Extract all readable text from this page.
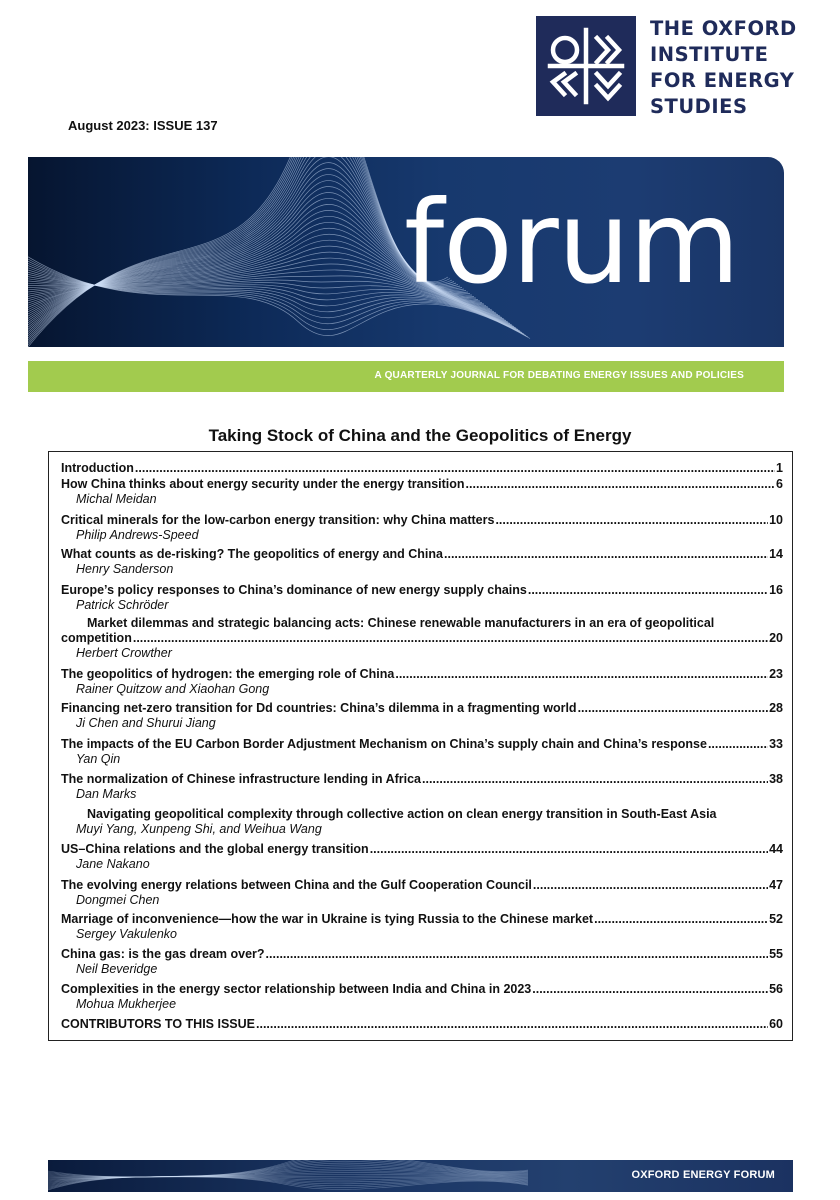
THE OXFORD
INSTITUTE
FOR ENERGY
STUDIES
August 2023: ISSUE 137
forum
A QUARTERLY JOURNAL FOR DEBATING ENERGY ISSUES AND POLICIES
Taking Stock of China and the Geopolitics of Energy
Introduction .....	1
How China thinks about energy security under the energy transition .....	6
Michal Meidan
Critical minerals for the low-carbon energy transition: why China matters .....	10
Philip Andrews-Speed
What counts as de-risking? The geopolitics of energy and China .....	14
Henry Sanderson
Europe’s policy responses to China’s dominance of new energy supply chains .....	16
Patrick Schröder
Market dilemmas and strategic balancing acts: Chinese renewable manufacturers in an era of geopolitical
competition .....	20
Herbert Crowther
The geopolitics of hydrogen: the emerging role of China .....	23
Rainer Quitzow and Xiaohan Gong
Financing net-zero transition for Dd countries: China’s dilemma in a fragmenting world .....	28
Ji Chen and Shurui Jiang
The impacts of the EU Carbon Border Adjustment Mechanism on China’s supply chain and China’s response .....	33
Yan Qin
The normalization of Chinese infrastructure lending in Africa .....	38
Dan Marks
Navigating geopolitical complexity through collective action on clean energy transition in South-East Asia
Muyi Yang, Xunpeng Shi, and Weihua Wang
US–China relations and the global energy transition .....	44
Jane Nakano
The evolving energy relations between China and the Gulf Cooperation Council .....	47
Dongmei Chen
Marriage of inconvenience—how the war in Ukraine is tying Russia to the Chinese market .....	52
Sergey Vakulenko
China gas: is the gas dream over? .....	55
Neil Beveridge
Complexities in the energy sector relationship between India and China in 2023 .....	56
Mohua Mukherjee
CONTRIBUTORS TO THIS ISSUE .....	60
OXFORD ENERGY FORUM
